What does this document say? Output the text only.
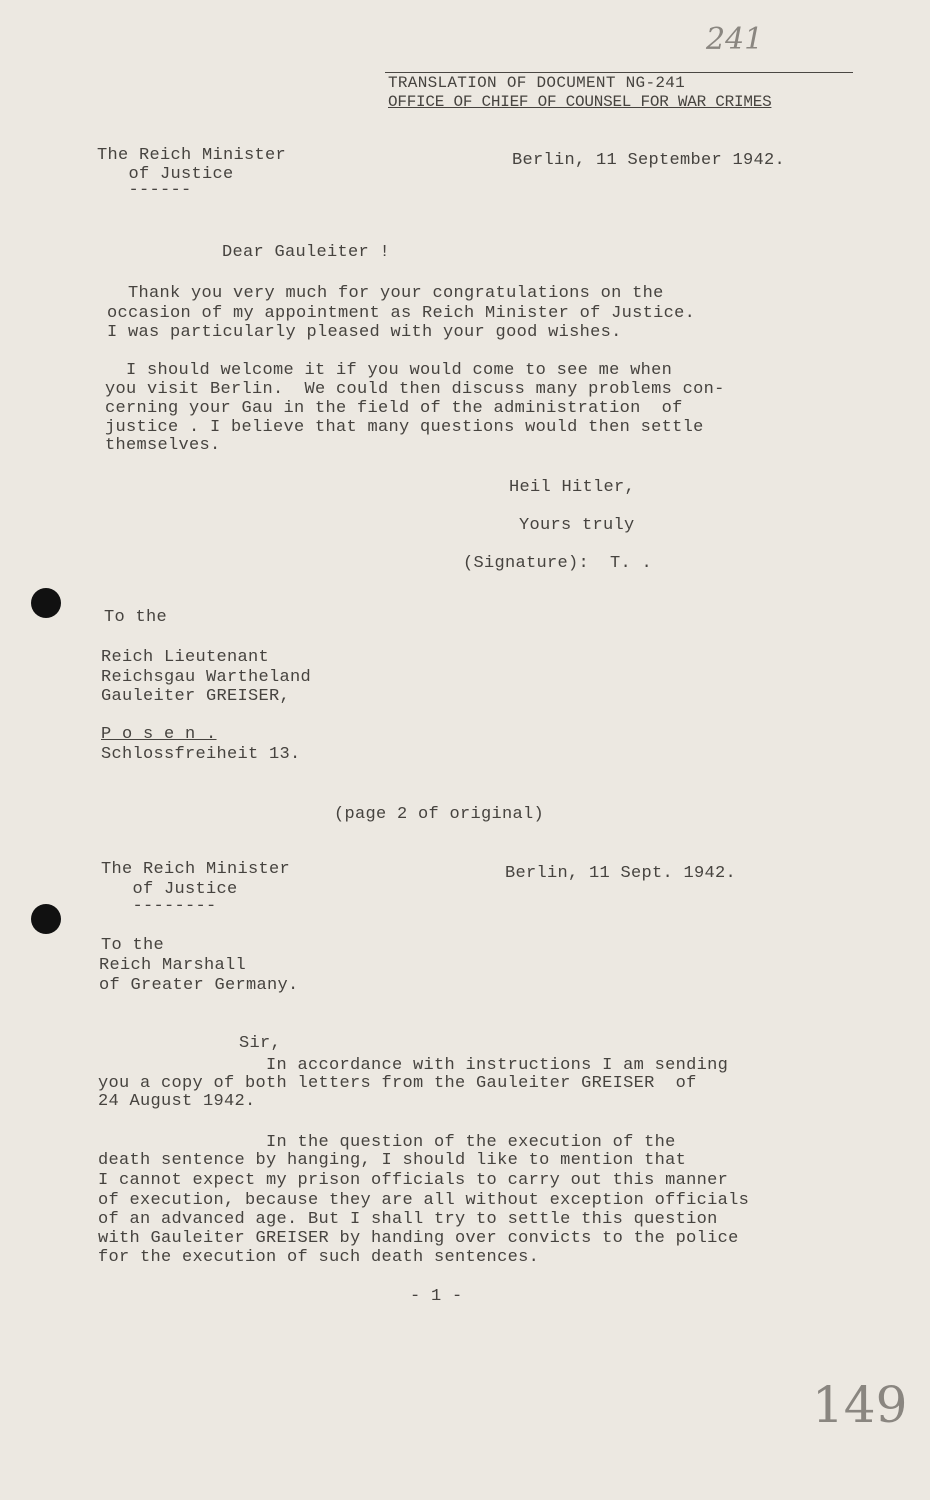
241
149
TRANSLATION OF DOCUMENT NG-241
OFFICE OF CHIEF OF COUNSEL FOR WAR CRIMES
The Reich Minister
of Justice
------
Berlin, 11 September 1942.
Dear Gauleiter !
Thank you very much for your congratulations on the
occasion of my appointment as Reich Minister of Justice.
I was particularly pleased with your good wishes.
I should welcome it if you would come to see me when
you visit Berlin.  We could then discuss many problems con-
cerning your Gau in the field of the administration  of
justice . I believe that many questions would then settle
themselves.
Heil Hitler,
Yours truly
(Signature):  T. .
To the
Reich Lieutenant
Reichsgau Wartheland
Gauleiter GREISER,
P o s e n .
Schlossfreiheit 13.
(page 2 of original)
The Reich Minister
of Justice
--------
Berlin, 11 Sept. 1942.
To the
Reich Marshall
of Greater Germany.
Sir,
In accordance with instructions I am sending
you a copy of both letters from the Gauleiter GREISER  of
24 August 1942.
In the question of the execution of the
death sentence by hanging, I should like to mention that
I cannot expect my prison officials to carry out this manner
of execution, because they are all without exception officials
of an advanced age. But I shall try to settle this question
with Gauleiter GREISER by handing over convicts to the police
for the execution of such death sentences.
- 1 -
